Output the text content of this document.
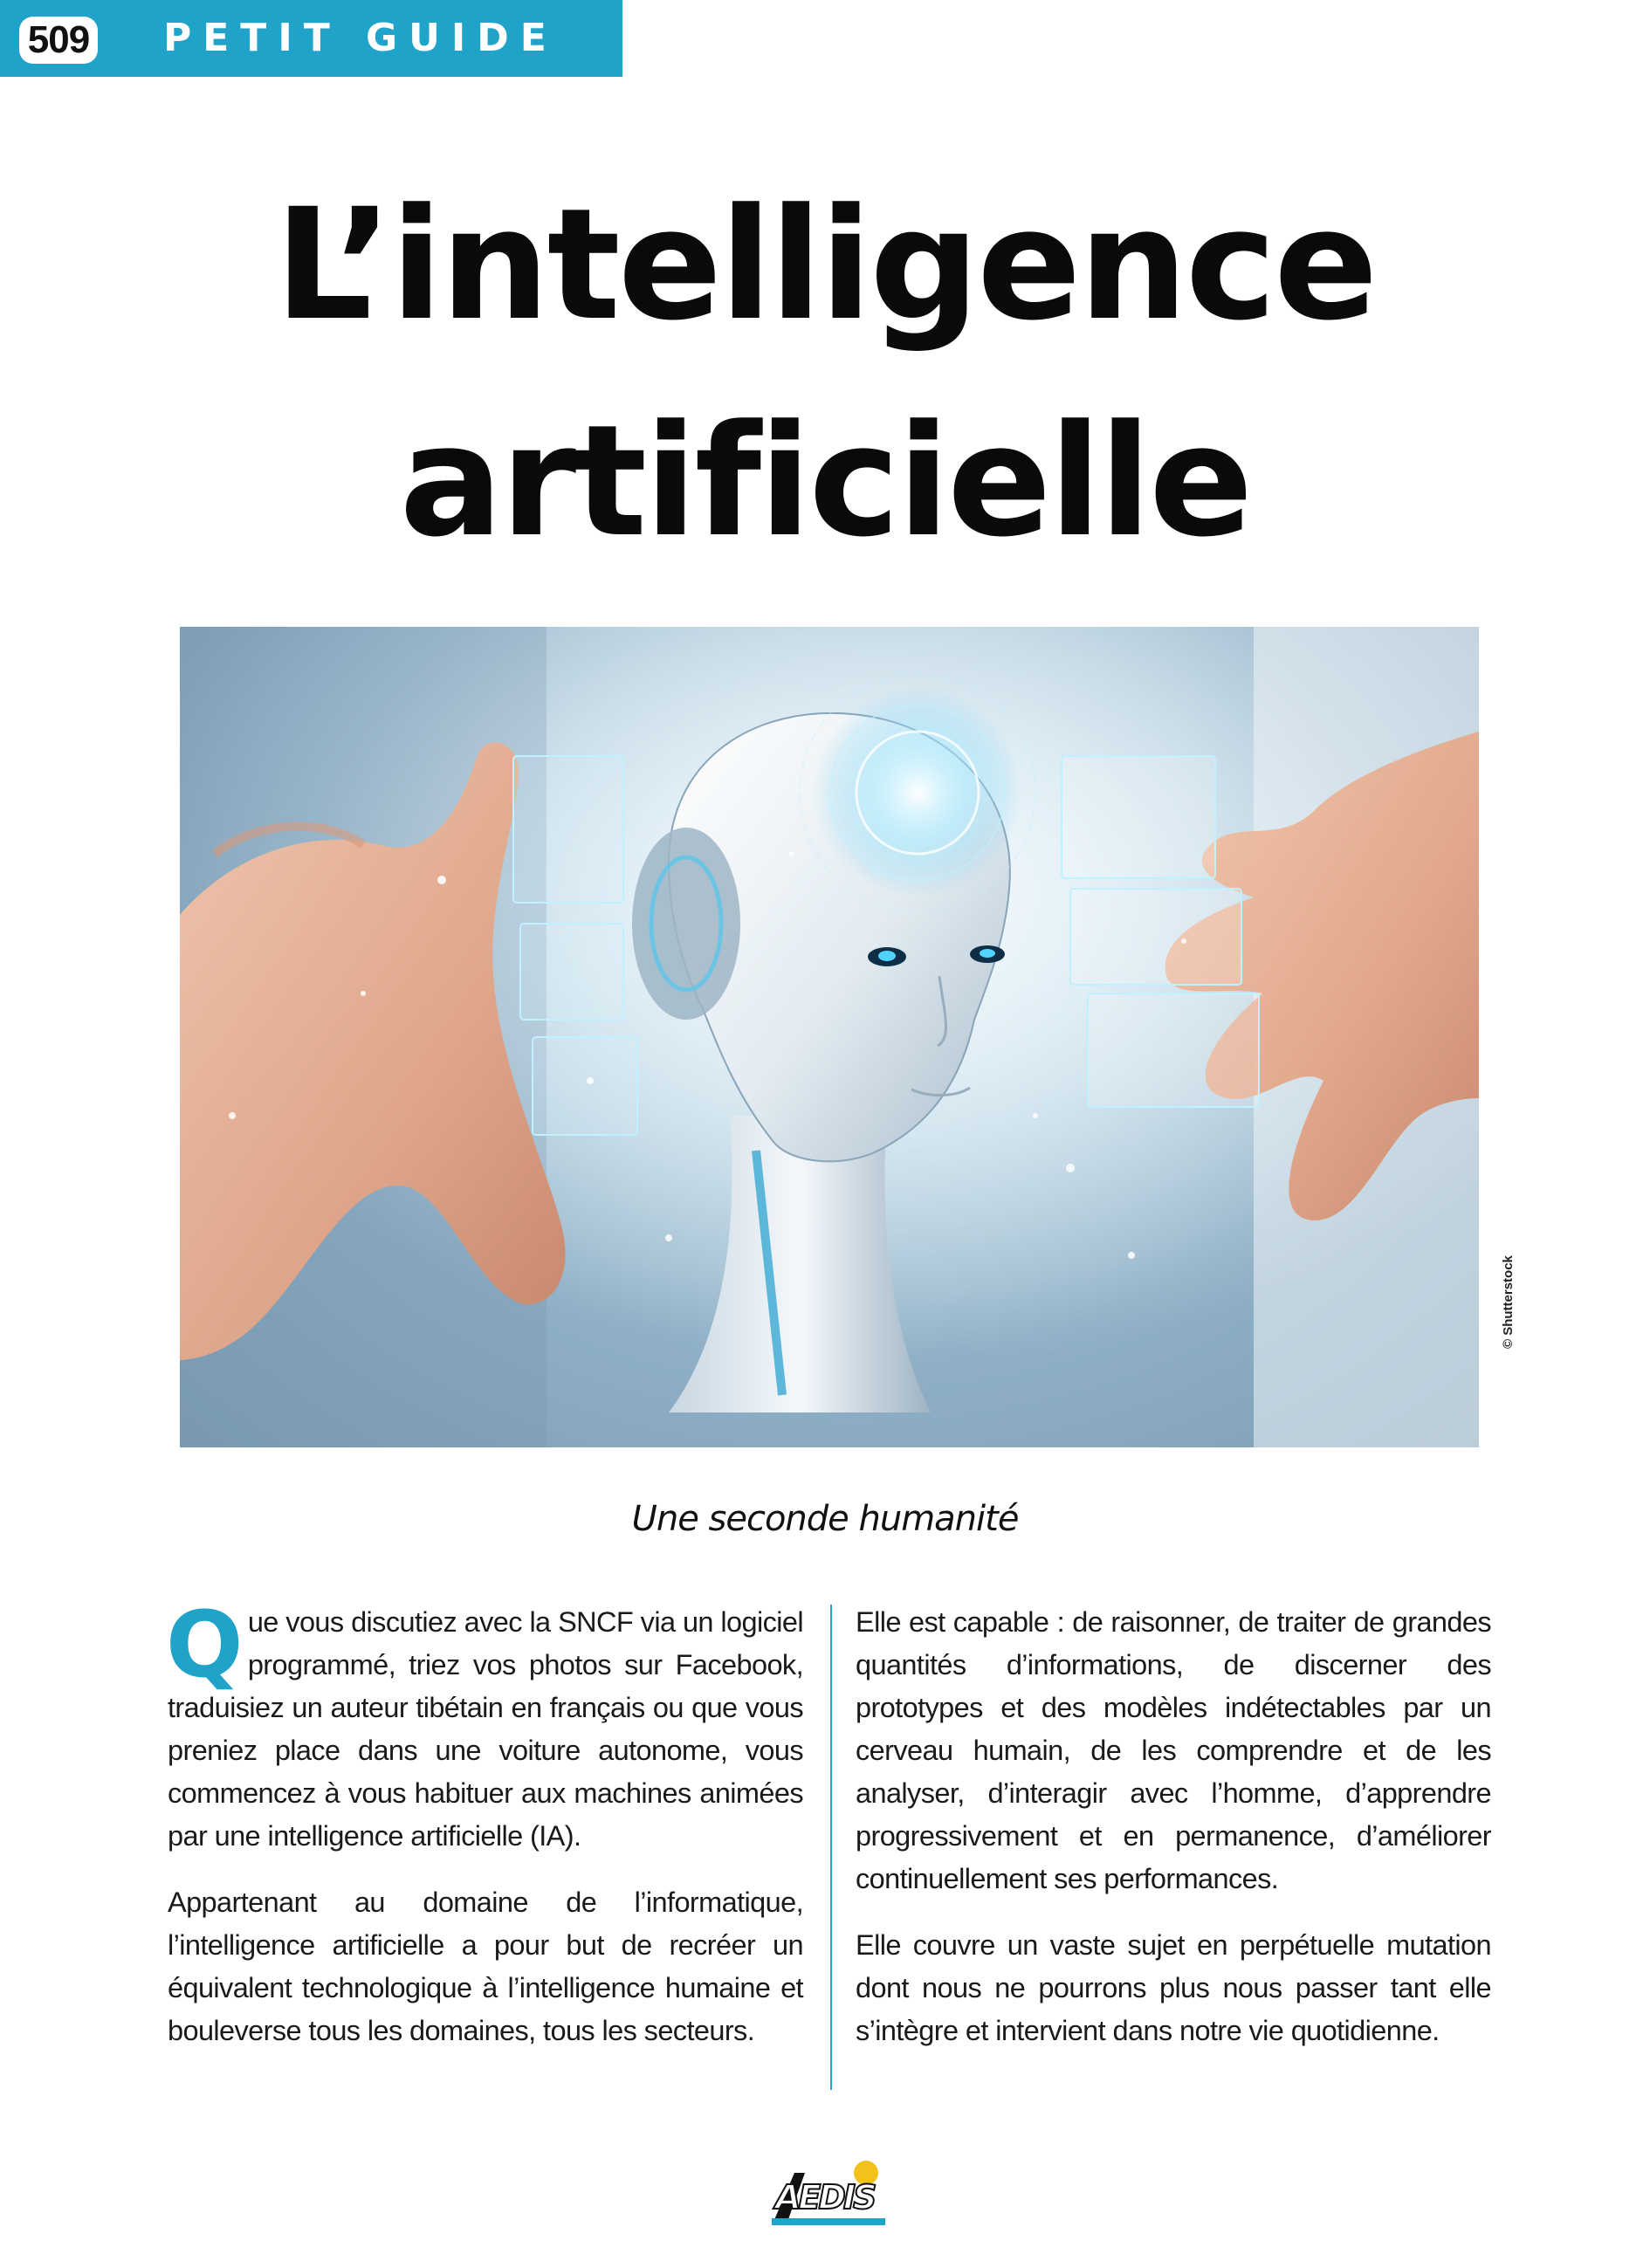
509 PETIT GUIDE
L’intelligence
artificielle
© Shutterstock
Une seconde humanité

Que vous discutiez avec la SNCF via un logiciel programmé, triez vos photos sur Facebook, traduisiez un auteur tibétain en français ou que vous preniez place dans une voiture autonome, vous commencez à vous habituer aux machines animées par une intelligence artificielle (IA).

Appartenant au domaine de l’informatique, l’intelligence artificielle a pour but de recréer un équivalent technologique à l’intelligence humaine et bouleverse tous les domaines, tous les secteurs.

Elle est capable : de raisonner, de traiter de grandes quantités d’informations, de discerner des prototypes et des modèles indétectables par un cerveau humain, de les comprendre et de les analyser, d’interagir avec l’homme, d’apprendre progressivement et en permanence, d’améliorer continuellement ses performances.

Elle couvre un vaste sujet en perpétuelle mutation dont nous ne pourrons plus nous passer tant elle s’intègre et intervient dans notre vie quotidienne.

AEDIS
